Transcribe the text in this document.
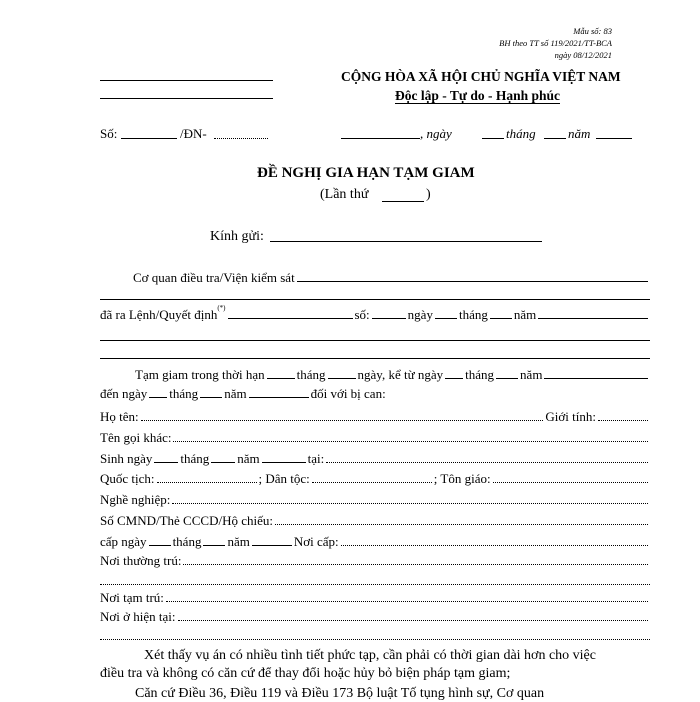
Mẫu số: 83
BH theo TT số 119/2021/TT-BCA
ngày 08/12/2021
CỘNG HÒA XÃ HỘI CHỦ NGHĨA VIỆT NAM
Độc lập - Tự do - Hạnh phúc
Số:	/ĐN-	, ngày	tháng năm
ĐỀ NGHỊ GIA HẠN TẠM GIAM
(Lần thứ	)
Kính gửi:
Cơ quan điều tra/Viện kiểm sát
đã ra Lệnh/Quyết định (*)	số:	ngày tháng năm
Tạm giam trong thời hạn tháng ngày, kể từ ngày tháng năm
đến ngày tháng năm	đối với bị can:
Họ tên:	Giới tính:
Tên gọi khác:
Sinh ngày tháng năm	tại:
Quốc tịch:	; Dân tộc:	; Tôn giáo:
Nghề nghiệp:
Số CMND/Thẻ CCCD/Hộ chiếu:
cấp ngày tháng năm	Nơi cấp:
Nơi thường trú:
Nơi tạm trú:
Nơi ở hiện tại:
Xét thấy vụ án có nhiều tình tiết phức tạp, cần phải có thời gian dài hơn cho việc
điều tra và không có căn cứ để thay đổi hoặc hủy bỏ biện pháp tạm giam;
Căn cứ Điều 36, Điều 119 và Điều 173 Bộ luật Tố tụng hình sự, Cơ quan
